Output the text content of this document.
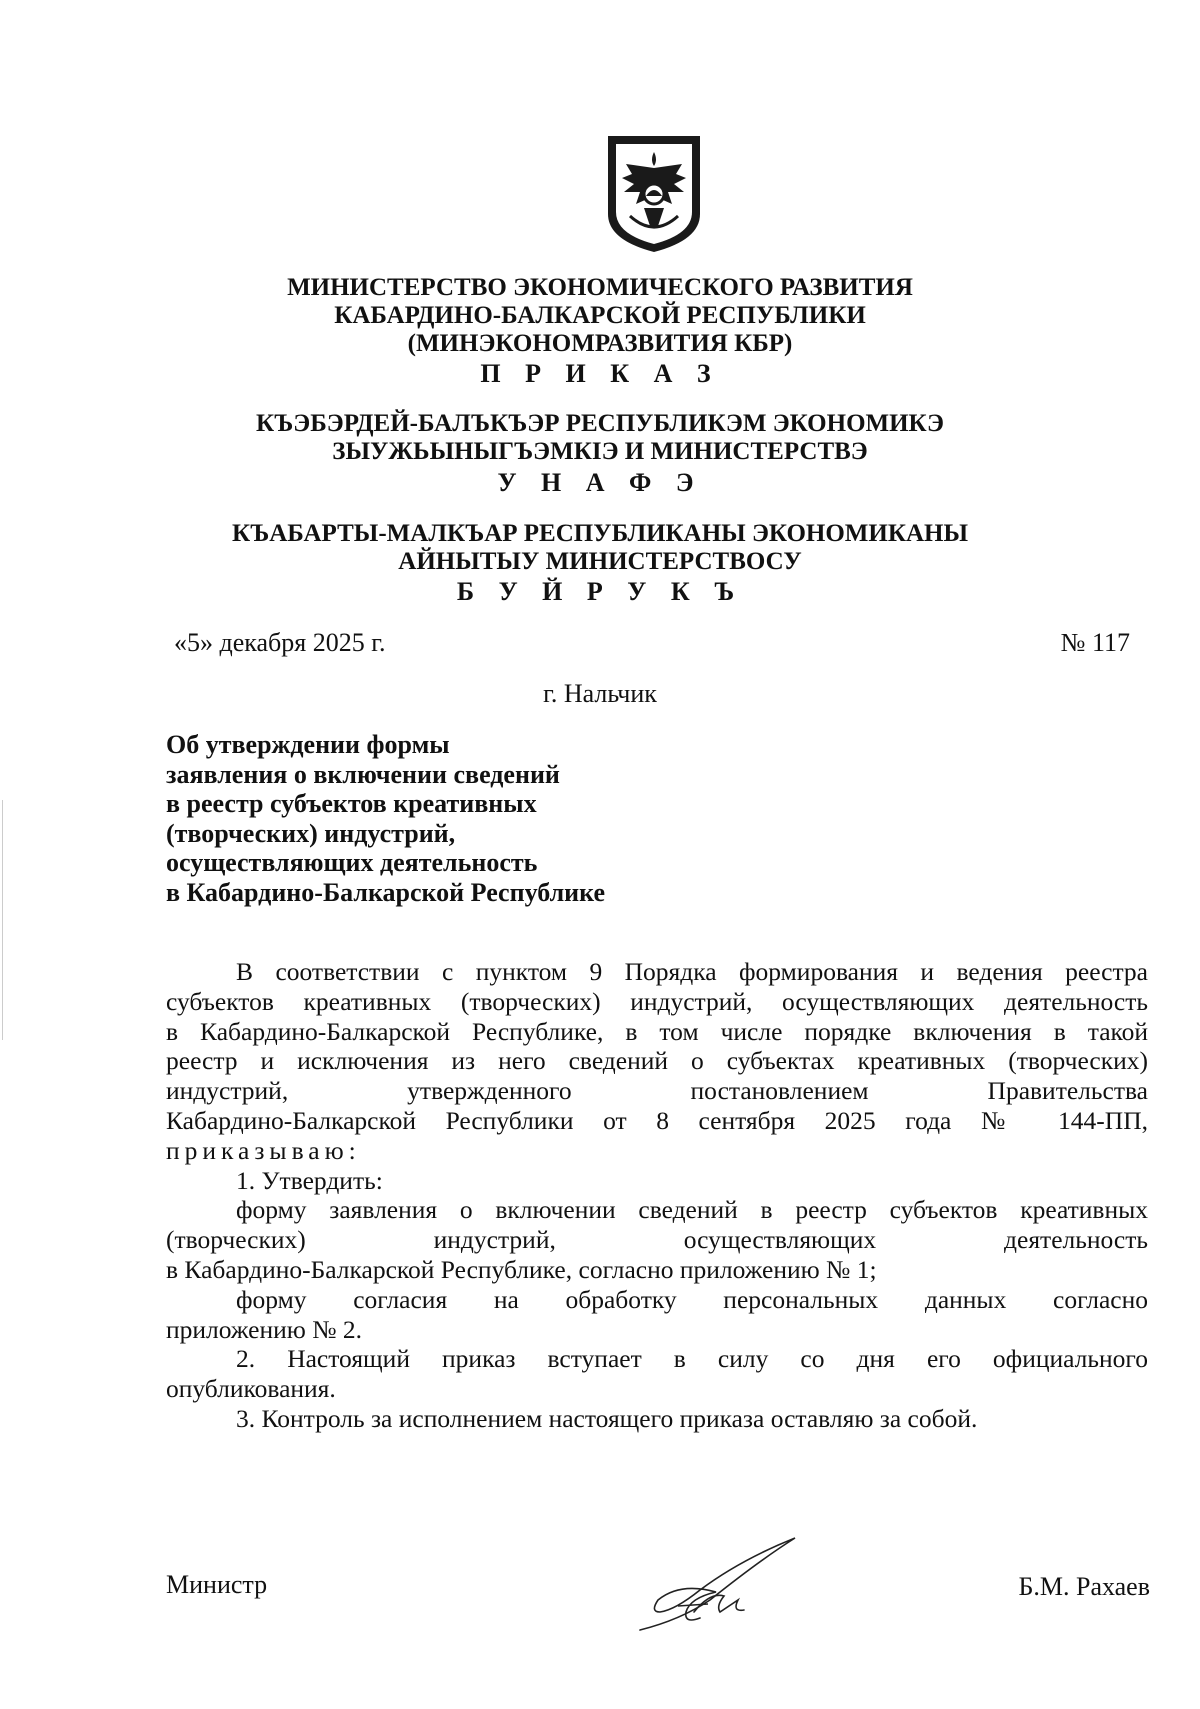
МИНИСТЕРСТВО ЭКОНОМИЧЕСКОГО РАЗВИТИЯ
КАБАРДИНО-БАЛКАРСКОЙ РЕСПУБЛИКИ
(МИНЭКОНОМРАЗВИТИЯ КБР)
П Р И К А З
КЪЭБЭРДЕЙ-БАЛЪКЪЭР РЕСПУБЛИКЭМ ЭКОНОМИКЭ
ЗЫУЖЬЫНЫГЪЭМКIЭ И МИНИСТЕРСТВЭ
У Н А Ф Э
КЪАБАРТЫ-МАЛКЪАР РЕСПУБЛИКАНЫ ЭКОНОМИКАНЫ
АЙНЫТЫУ МИНИСТЕРСТВОСУ
Б У Й Р У К Ъ
«5» декабря 2025 г.	№ 117
г. Нальчик
Об утверждении формы
заявления о включении сведений
в реестр субъектов креативных
(творческих) индустрий,
осуществляющих деятельность
в Кабардино-Балкарской Республике
В соответствии с пунктом 9 Порядка формирования и ведения реестра
субъектов креативных (творческих) индустрий, осуществляющих деятельность
в Кабардино-Балкарской Республике, в том числе порядке включения в такой
реестр и исключения из него сведений о субъектах креативных (творческих)
индустрий, утвержденного постановлением Правительства
Кабардино-Балкарской Республики от 8 сентября 2025 года № 144-ПП,
приказываю:
1. Утвердить:
форму заявления о включении сведений в реестр субъектов креативных
(творческих) индустрий, осуществляющих деятельность
в Кабардино-Балкарской Республике, согласно приложению № 1;
форму согласия на обработку персональных данных согласно
приложению № 2.
2. Настоящий приказ вступает в силу со дня его официального
опубликования.
3. Контроль за исполнением настоящего приказа оставляю за собой.
Министр	Б.М. Рахаев
